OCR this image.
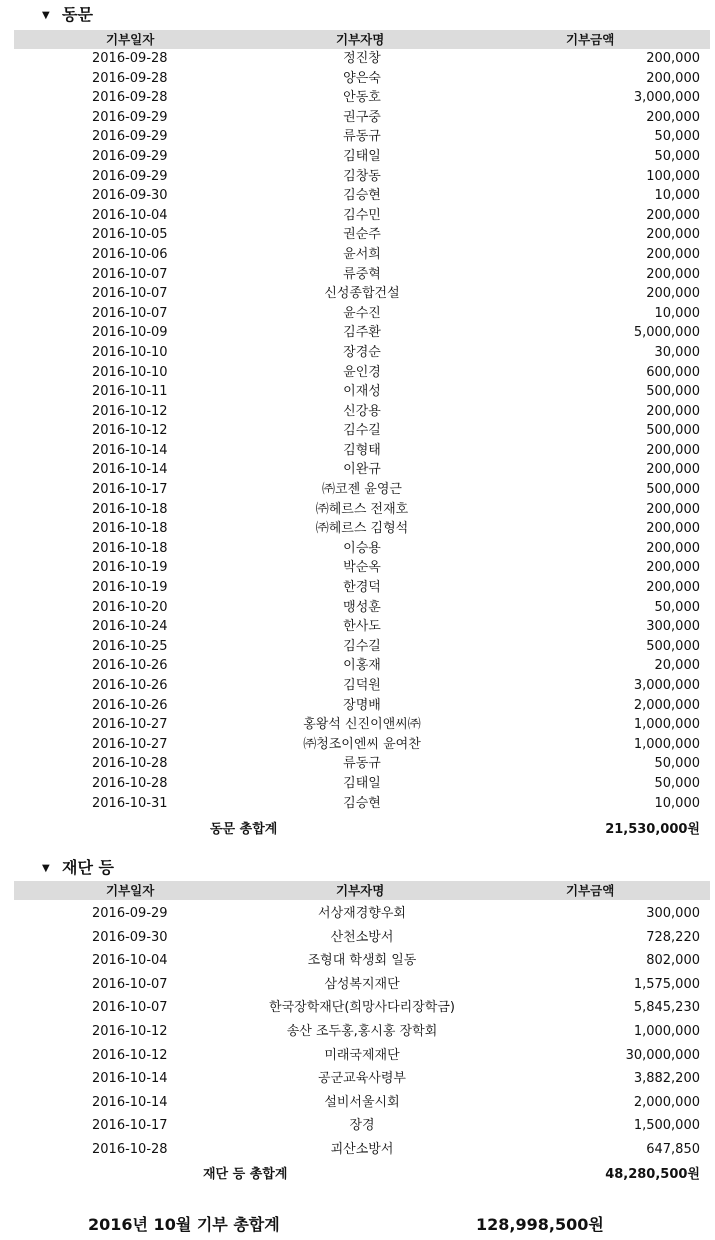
▼ 동문
기부일자	기부자명	기부금액
2016-09-28	정진창	200,000
2016-09-28	양은숙	200,000
2016-09-28	안동호	3,000,000
2016-09-29	권구중	200,000
2016-09-29	류동규	50,000
2016-09-29	김태일	50,000
2016-09-29	김창동	100,000
2016-09-30	김승현	10,000
2016-10-04	김수민	200,000
2016-10-05	권순주	200,000
2016-10-06	윤서희	200,000
2016-10-07	류중혁	200,000
2016-10-07	신성종합건설	200,000
2016-10-07	윤수진	10,000
2016-10-09	김주환	5,000,000
2016-10-10	장경순	30,000
2016-10-10	윤인경	600,000
2016-10-11	이재성	500,000
2016-10-12	신강용	200,000
2016-10-12	김수길	500,000
2016-10-14	김형태	200,000
2016-10-14	이완규	200,000
2016-10-17	㈜코젠 윤영근	500,000
2016-10-18	㈜헤르스 전재호	200,000
2016-10-18	㈜헤르스 김형석	200,000
2016-10-18	이승용	200,000
2016-10-19	박순옥	200,000
2016-10-19	한경덕	200,000
2016-10-20	맹성훈	50,000
2016-10-24	한사도	300,000
2016-10-25	김수길	500,000
2016-10-26	이홍재	20,000
2016-10-26	김덕원	3,000,000
2016-10-26	장명배	2,000,000
2016-10-27	홍왕석 신진이앤씨㈜	1,000,000
2016-10-27	㈜청조이엔씨 윤여찬	1,000,000
2016-10-28	류동규	50,000
2016-10-28	김태일	50,000
2016-10-31	김승현	10,000
동문 총합계	21,530,000원
▼ 재단 등
기부일자	기부자명	기부금액
2016-09-29	서상재경향우회	300,000
2016-09-30	산천소방서	728,220
2016-10-04	조형대 학생회 일동	802,000
2016-10-07	삼성복지재단	1,575,000
2016-10-07	한국장학재단(희망사다리장학금)	5,845,230
2016-10-12	송산 조두홍,홍시홍 장학회	1,000,000
2016-10-12	미래국제재단	30,000,000
2016-10-14	공군교육사령부	3,882,200
2016-10-14	설비서울시회	2,000,000
2016-10-17	장경	1,500,000
2016-10-28	괴산소방서	647,850
재단 등 총합계	48,280,500원
2016년 10월 기부 총합계	128,998,500원
